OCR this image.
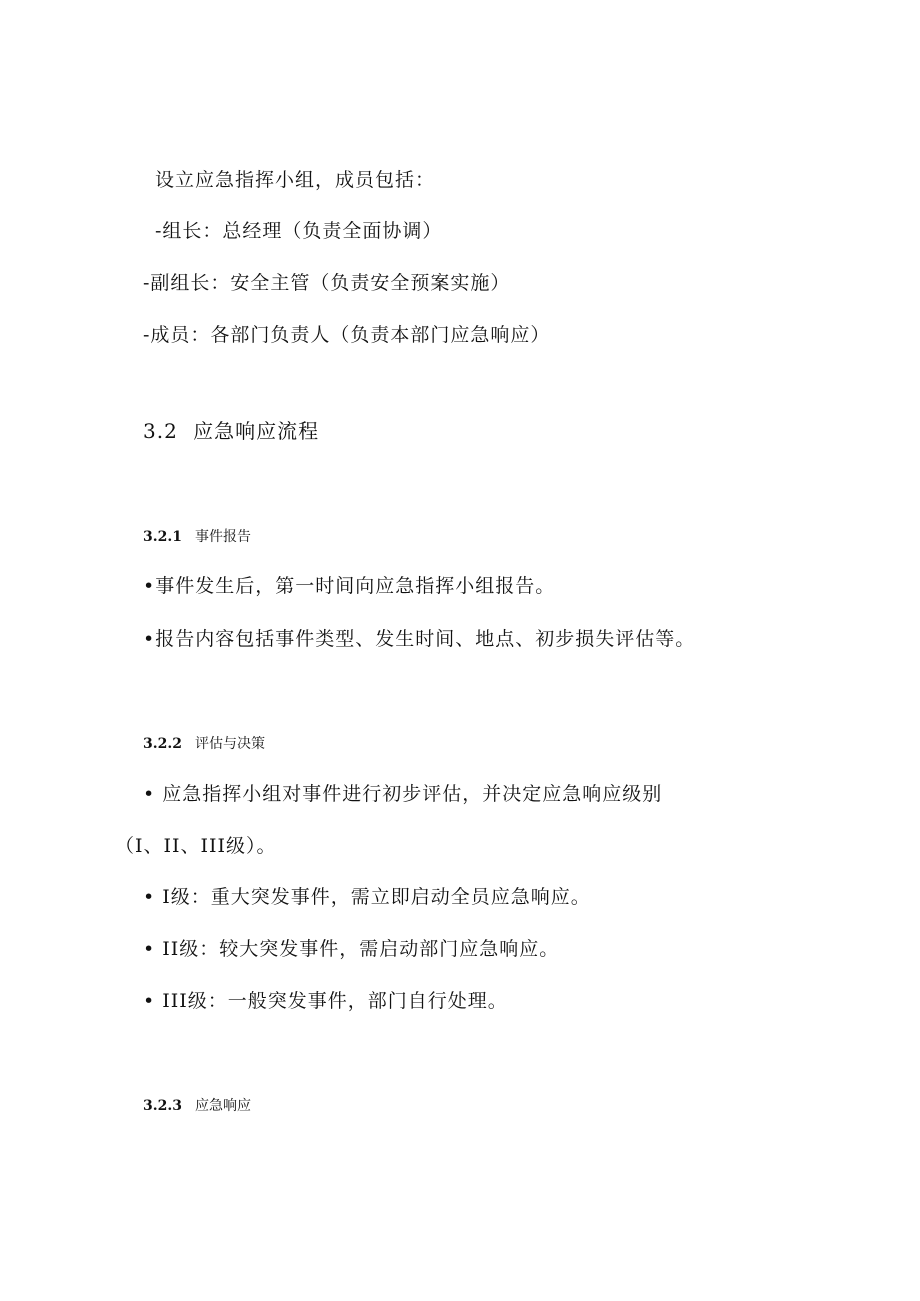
设立应急指挥小组，成员包括：
-组长：总经理（负责全面协调）
-副组长：安全主管（负责安全预案实施）
-成员：各部门负责人（负责本部门应急响应）
3.2 应急响应流程
3.2.1 事件报告
•事件发生后，第一时间向应急指挥小组报告。
•报告内容包括事件类型、发生时间、地点、初步损失评估等。
3.2.2 评估与决策
• 应急指挥小组对事件进行初步评估，并决定应急响应级别
（I、II、III级）。
• I级：重大突发事件，需立即启动全员应急响应。
• II级：较大突发事件，需启动部门应急响应。
• III级：一般突发事件，部门自行处理。
3.2.3 应急响应
